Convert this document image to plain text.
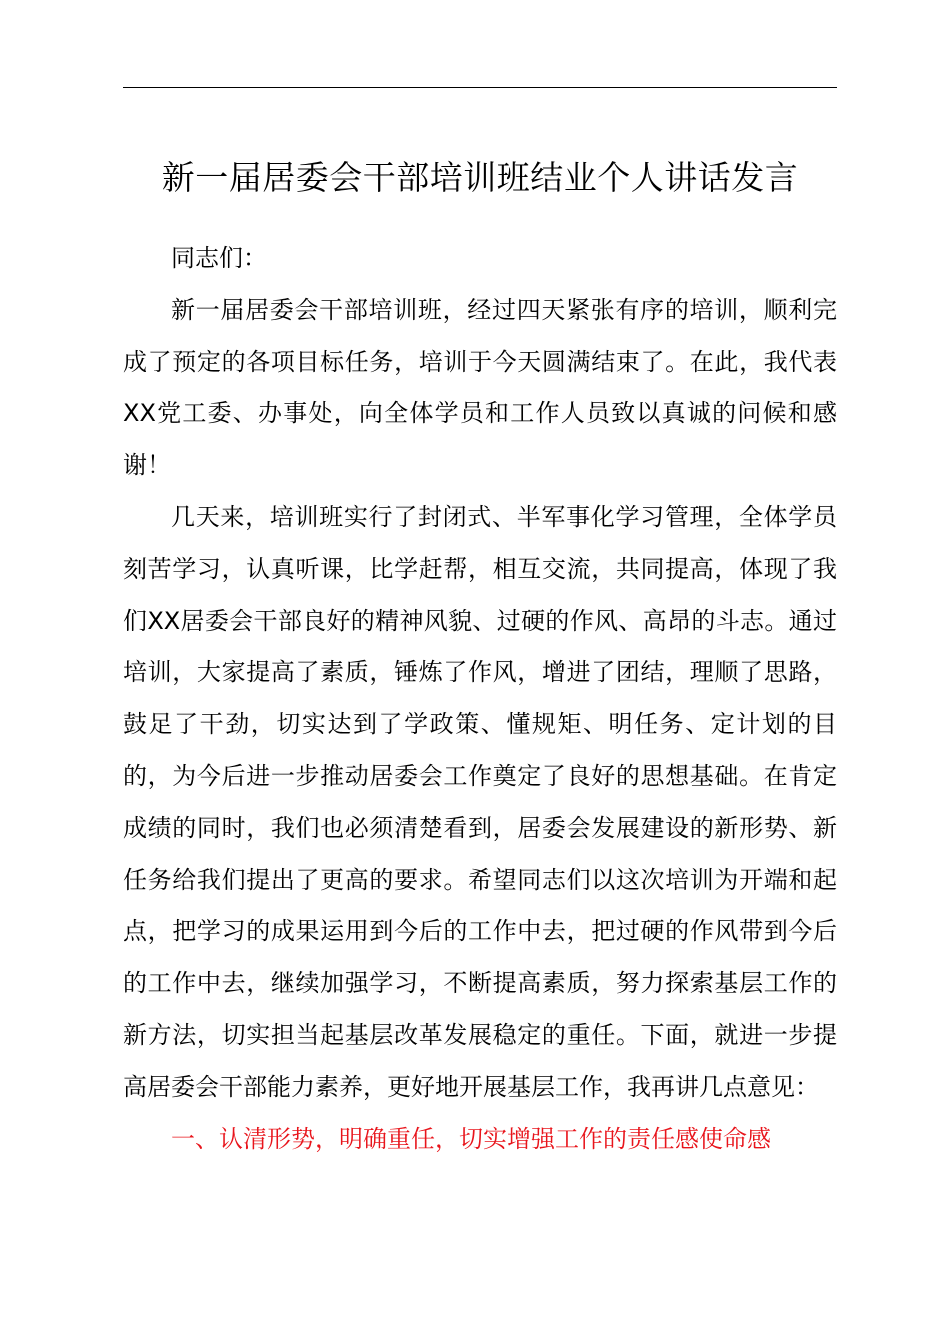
新一届居委会干部培训班结业个人讲话发言

同志们：

新一届居委会干部培训班，经过四天紧张有序的培训，顺利完成了预定的各项目标任务，培训于今天圆满结束了。在此，我代表XX党工委、办事处，向全体学员和工作人员致以真诚的问候和感谢！

几天来，培训班实行了封闭式、半军事化学习管理，全体学员刻苦学习，认真听课，比学赶帮，相互交流，共同提高，体现了我们XX居委会干部良好的精神风貌、过硬的作风、高昂的斗志。通过培训，大家提高了素质，锤炼了作风，增进了团结，理顺了思路，鼓足了干劲，切实达到了学政策、懂规矩、明任务、定计划的目的，为今后进一步推动居委会工作奠定了良好的思想基础。在肯定成绩的同时，我们也必须清楚看到，居委会发展建设的新形势、新任务给我们提出了更高的要求。希望同志们以这次培训为开端和起点，把学习的成果运用到今后的工作中去，把过硬的作风带到今后的工作中去，继续加强学习，不断提高素质，努力探索基层工作的新方法，切实担当起基层改革发展稳定的重任。下面，就进一步提高居委会干部能力素养，更好地开展基层工作，我再讲几点意见：

一、认清形势，明确重任，切实增强工作的责任感使命感
